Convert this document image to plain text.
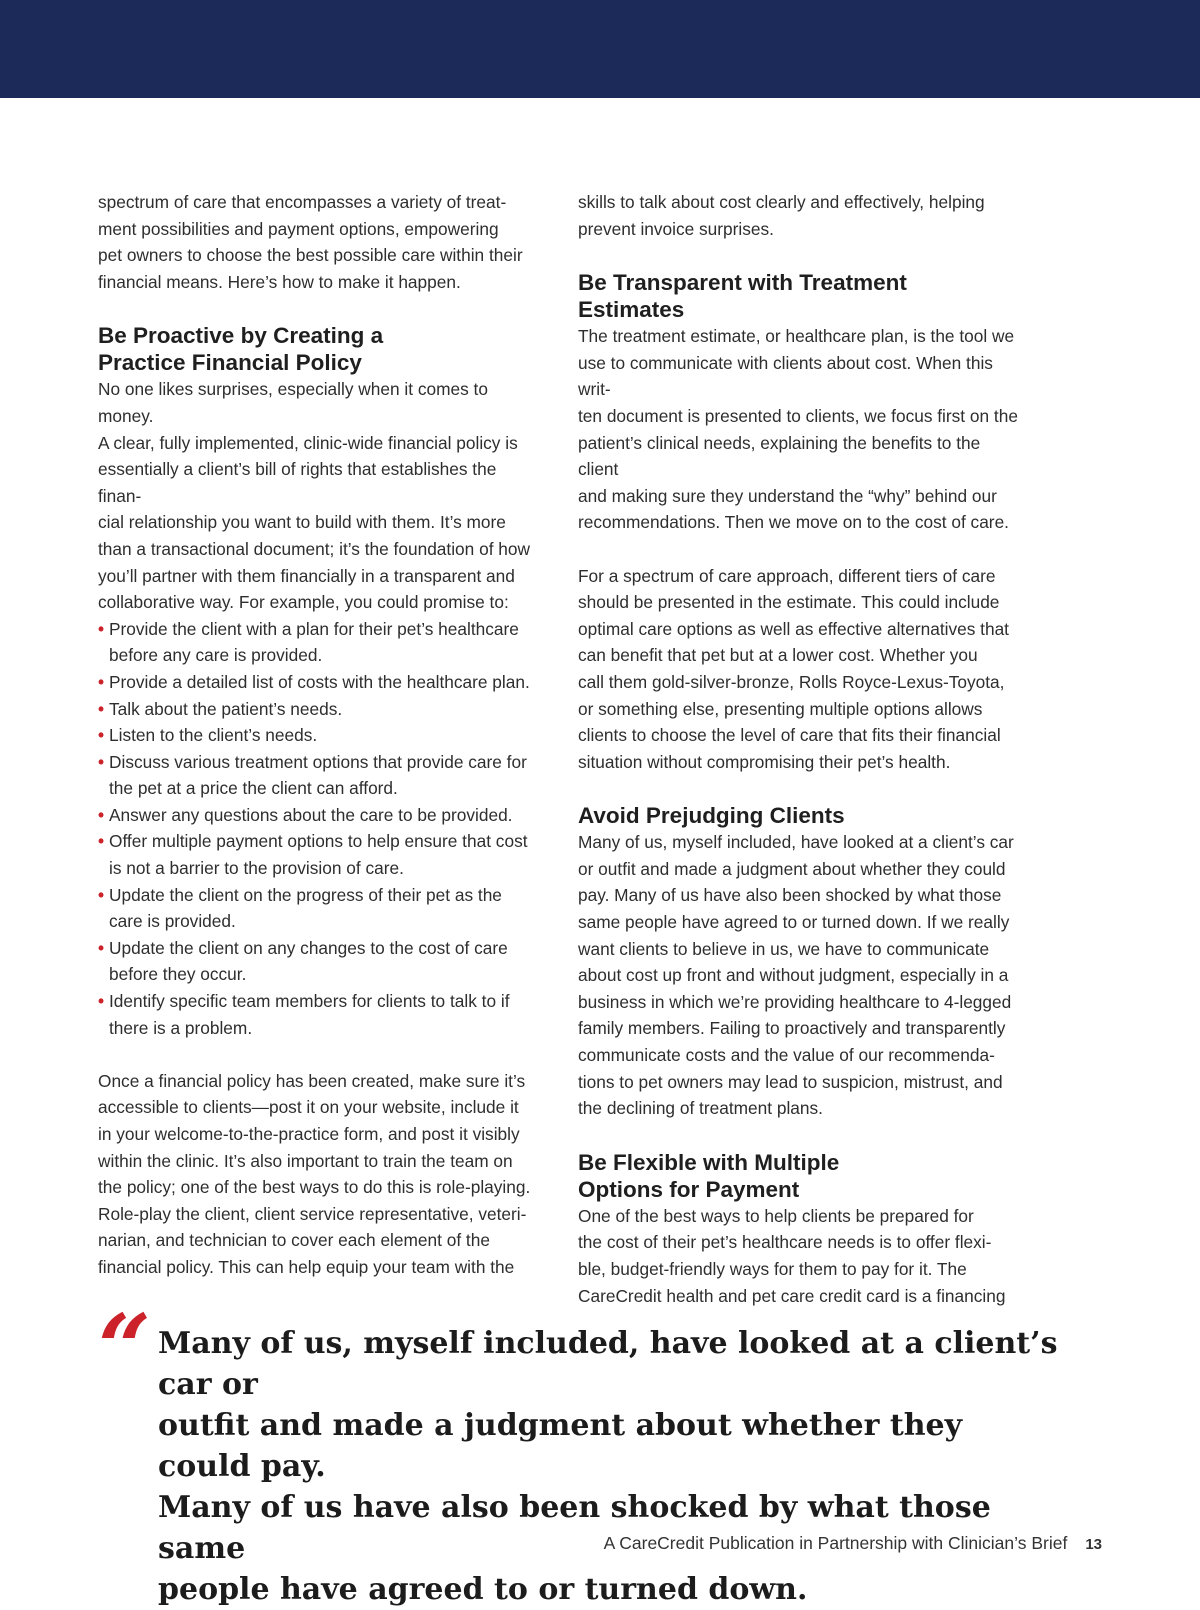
spectrum of care that encompasses a variety of treat-
ment possibilities and payment options, empowering
pet owners to choose the best possible care within their
financial means. Here’s how to make it happen.

Be Proactive by Creating a
Practice Financial Policy

No one likes surprises, especially when it comes to money.
A clear, fully implemented, clinic-wide financial policy is
essentially a client’s bill of rights that establishes the finan-
cial relationship you want to build with them. It’s more
than a transactional document; it’s the foundation of how
you’ll partner with them financially in a transparent and
collaborative way. For example, you could promise to:

• Provide the client with a plan for their pet’s healthcare
before any care is provided.
• Provide a detailed list of costs with the healthcare plan.
• Talk about the patient’s needs.
• Listen to the client’s needs.
• Discuss various treatment options that provide care for
the pet at a price the client can afford.
• Answer any questions about the care to be provided.
• Offer multiple payment options to help ensure that cost
is not a barrier to the provision of care.
• Update the client on the progress of their pet as the
care is provided.
• Update the client on any changes to the cost of care
before they occur.
• Identify specific team members for clients to talk to if
there is a problem.

Once a financial policy has been created, make sure it’s
accessible to clients—post it on your website, include it
in your welcome-to-the-practice form, and post it visibly
within the clinic. It’s also important to train the team on
the policy; one of the best ways to do this is role-playing.
Role-play the client, client service representative, veteri-
narian, and technician to cover each element of the
financial policy. This can help equip your team with the

skills to talk about cost clearly and effectively, helping
prevent invoice surprises.

Be Transparent with Treatment Estimates

The treatment estimate, or healthcare plan, is the tool we
use to communicate with clients about cost. When this writ-
ten document is presented to clients, we focus first on the
patient’s clinical needs, explaining the benefits to the client
and making sure they understand the “why” behind our
recommendations. Then we move on to the cost of care.

For a spectrum of care approach, different tiers of care
should be presented in the estimate. This could include
optimal care options as well as effective alternatives that
can benefit that pet but at a lower cost. Whether you
call them gold-silver-bronze, Rolls Royce-Lexus-Toyota,
or something else, presenting multiple options allows
clients to choose the level of care that fits their financial
situation without compromising their pet’s health.

Avoid Prejudging Clients

Many of us, myself included, have looked at a client’s car
or outfit and made a judgment about whether they could
pay. Many of us have also been shocked by what those
same people have agreed to or turned down. If we really
want clients to believe in us, we have to communicate
about cost up front and without judgment, especially in a
business in which we’re providing healthcare to 4-legged
family members. Failing to proactively and transparently
communicate costs and the value of our recommenda-
tions to pet owners may lead to suspicion, mistrust, and
the declining of treatment plans.

Be Flexible with Multiple
Options for Payment

One of the best ways to help clients be prepared for
the cost of their pet’s healthcare needs is to offer flexi-
ble, budget-friendly ways for them to pay for it. The
CareCredit health and pet care credit card is a financing

“ Many of us, myself included, have looked at a client’s car or
outfit and made a judgment about whether they could pay.
Many of us have also been shocked by what those same
people have agreed to or turned down.

A CareCredit Publication in Partnership with Clinician’s Brief 13
